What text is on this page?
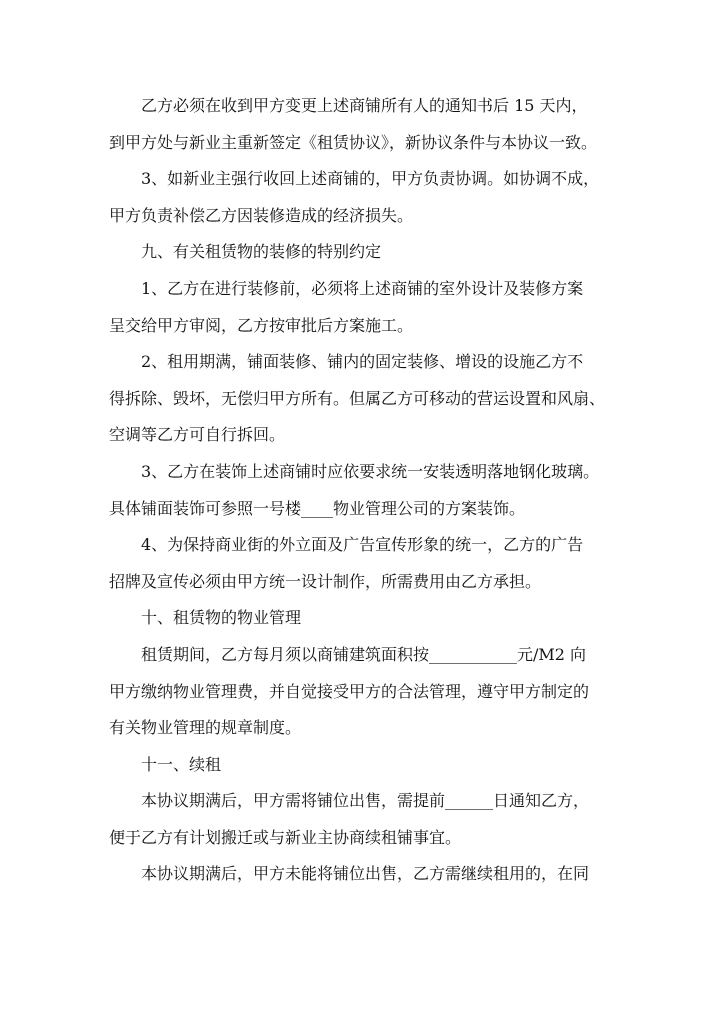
乙方必须在收到甲方变更上述商铺所有人的通知书后 15 天内，
到甲方处与新业主重新签定《租赁协议》，新协议条件与本协议一致。
3、如新业主强行收回上述商铺的，甲方负责协调。如协调不成，
甲方负责补偿乙方因装修造成的经济损失。
九、有关租赁物的装修的特别约定
1、乙方在进行装修前，必须将上述商铺的室外设计及装修方案
呈交给甲方审阅，乙方按审批后方案施工。
2、租用期满，铺面装修、铺内的固定装修、增设的设施乙方不
得拆除、毁坏，无偿归甲方所有。但属乙方可移动的营运设置和风扇、
空调等乙方可自行拆回。
3、乙方在装饰上述商铺时应依要求统一安装透明落地钢化玻璃。
具体铺面装饰可参照一号楼____物业管理公司的方案装饰。
4、为保持商业街的外立面及广告宣传形象的统一，乙方的广告
招牌及宣传必须由甲方统一设计制作，所需费用由乙方承担。
十、租赁物的物业管理
租赁期间，乙方每月须以商铺建筑面积按___________元/M2 向
甲方缴纳物业管理费，并自觉接受甲方的合法管理，遵守甲方制定的
有关物业管理的规章制度。
十一、续租
本协议期满后，甲方需将铺位出售，需提前______日通知乙方，
便于乙方有计划搬迁或与新业主协商续租铺事宜。
本协议期满后，甲方未能将铺位出售，乙方需继续租用的，在同
